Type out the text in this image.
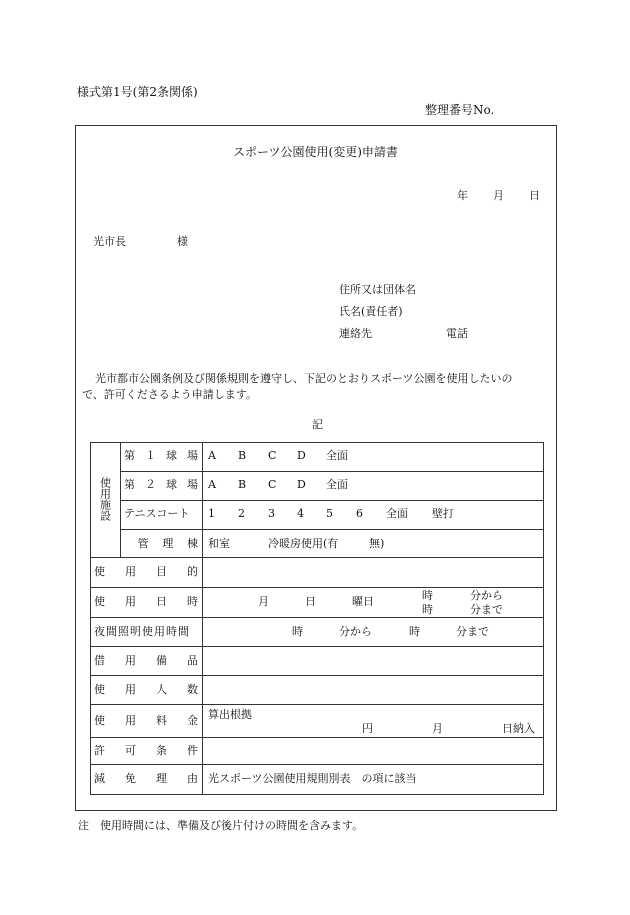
様式第1号(第2条関係)
整理番号No.
スポーツ公園使用(変更)申請書
年 月 日
光市長	様
住所又は団体名
氏名(責任者)
連絡先	電話
光市都市公園条例及び関係規則を遵守し、下記のとおりスポーツ公園を使用したいの
で、許可くださるよう申請します。
記
使用施設
第 １ 球 場 A B C D 全面
第 ２ 球 場 A B C D 全面
テニスコート 1 2 3 4 5 6 全面 壁打
管 理 棟 和室	冷暖房使用(有	無)
使 用 目 的
使 用 日 時	月	日	曜日	時	分から
時	分まで
夜間照明使用時間	時	分から	時	分まで
借 用 備 品
使 用 人 数
使 用 料 金 算出根拠
円	月	日納入
許 可 条 件
減 免 理 由 光スポーツ公園使用規則別表　の項に該当
注　使用時間には、準備及び後片付けの時間を含みます。
